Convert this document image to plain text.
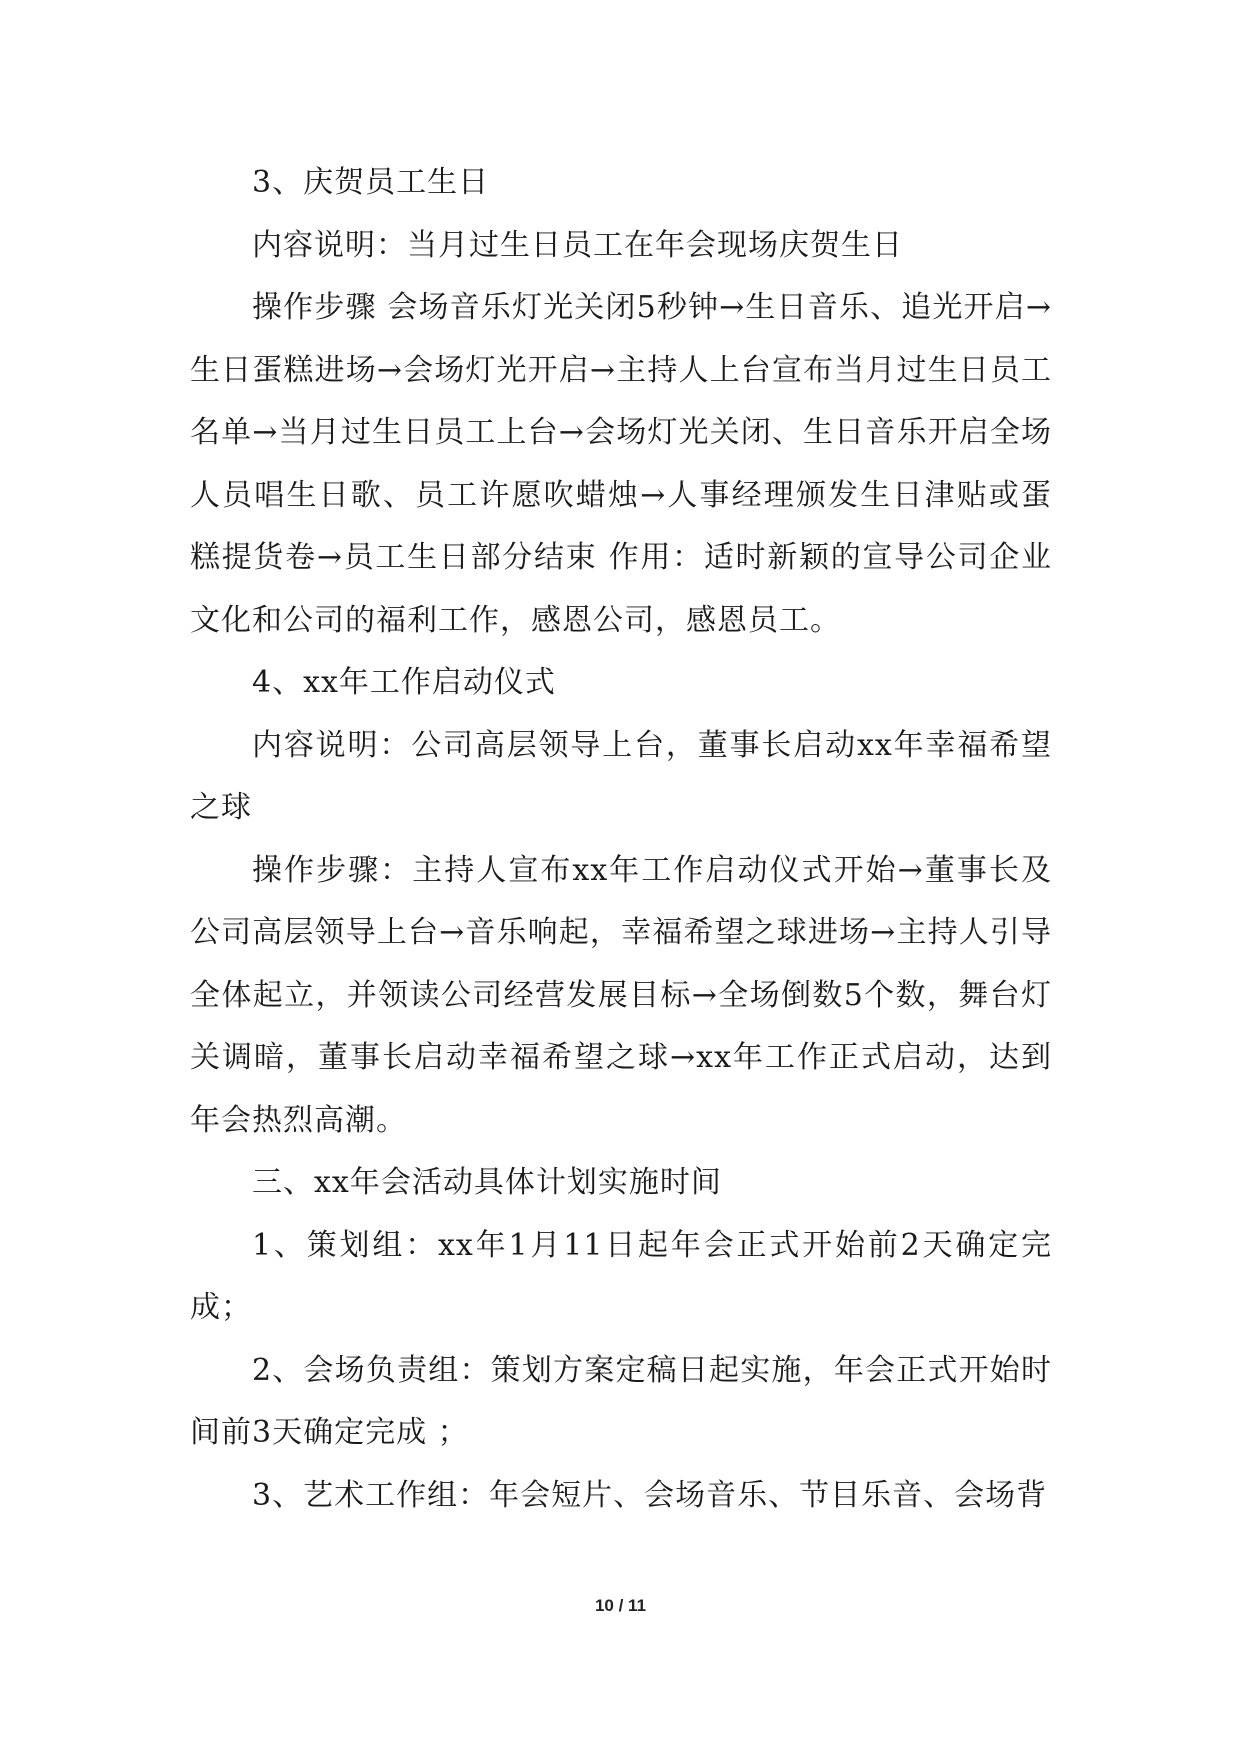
3、庆贺员工生日

内容说明：当月过生日员工在年会现场庆贺生日

操作步骤 会场音乐灯光关闭5秒钟→生日音乐、追光开启→生日蛋糕进场→会场灯光开启→主持人上台宣布当月过生日员工名单→当月过生日员工上台→会场灯光关闭、生日音乐开启全场人员唱生日歌、员工许愿吹蜡烛→人事经理颁发生日津贴或蛋糕提货卷→员工生日部分结束 作用：适时新颖的宣导公司企业文化和公司的福利工作，感恩公司，感恩员工。

4、xx年工作启动仪式

内容说明：公司高层领导上台，董事长启动xx年幸福希望之球

操作步骤：主持人宣布xx年工作启动仪式开始→董事长及公司高层领导上台→音乐响起，幸福希望之球进场→主持人引导全体起立，并领读公司经营发展目标→全场倒数5个数，舞台灯关调暗，董事长启动幸福希望之球→xx年工作正式启动，达到年会热烈高潮。

三、xx年会活动具体计划实施时间

1、策划组：xx年1月11日起年会正式开始前2天确定完成；

2、会场负责组：策划方案定稿日起实施，年会正式开始时间前3天确定完成 ；

3、艺术工作组：年会短片、会场音乐、节目乐音、会场背

10 / 11
